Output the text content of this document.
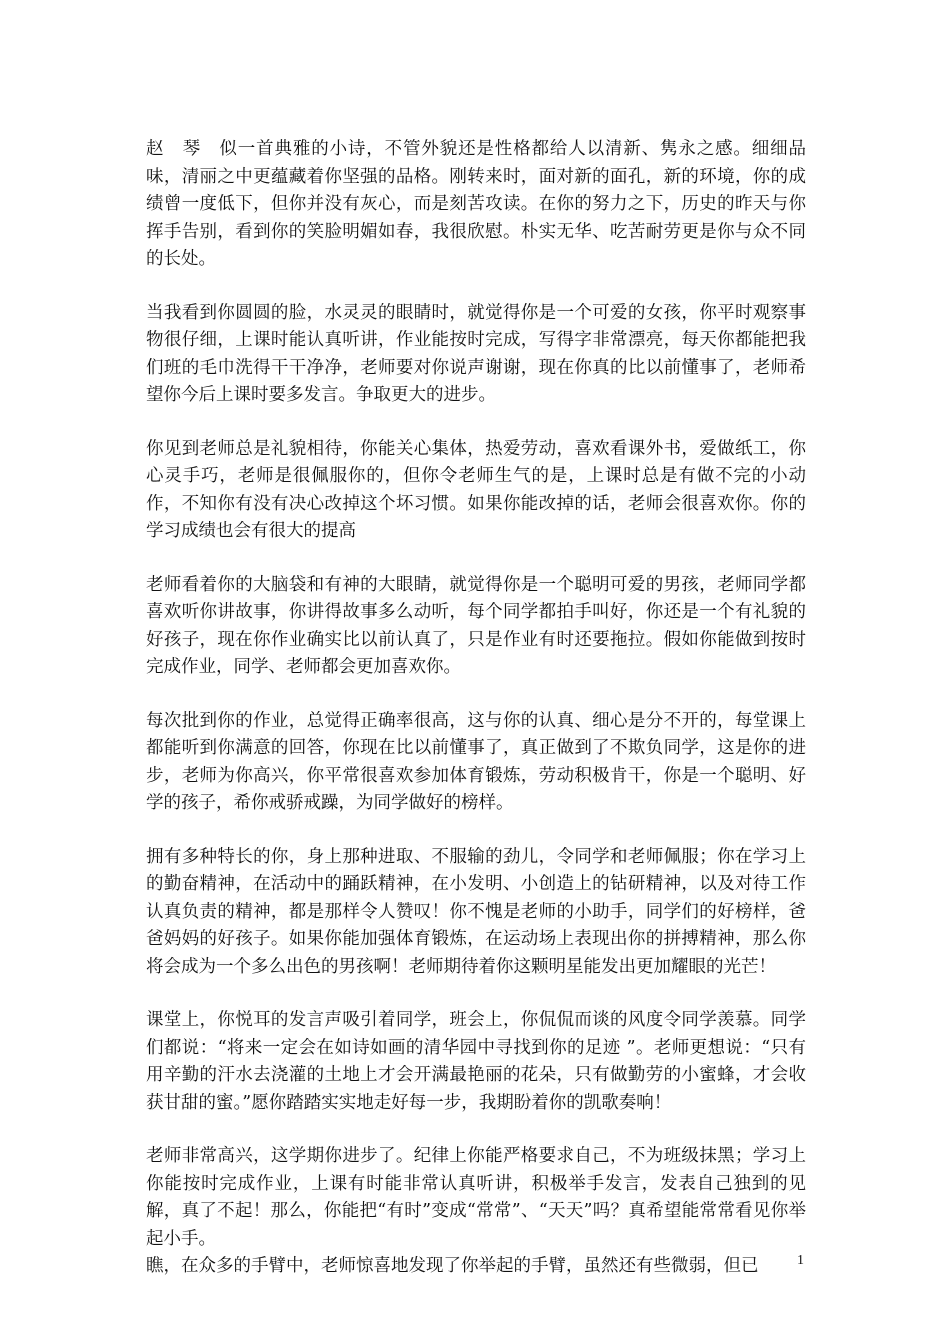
赵　琴　似一首典雅的小诗，不管外貌还是性格都给人以清新、隽永之感。细细品味，清丽之中更蕴藏着你坚强的品格。刚转来时，面对新的面孔，新的环境，你的成绩曾一度低下，但你并没有灰心，而是刻苦攻读。在你的努力之下，历史的昨天与你挥手告别，看到你的笑脸明媚如春，我很欣慰。朴实无华、吃苦耐劳更是你与众不同的长处。

当我看到你圆圆的脸，水灵灵的眼睛时，就觉得你是一个可爱的女孩，你平时观察事物很仔细，上课时能认真听讲，作业能按时完成，写得字非常漂亮，每天你都能把我们班的毛巾洗得干干净净，老师要对你说声谢谢，现在你真的比以前懂事了，老师希望你今后上课时要多发言。争取更大的进步。

你见到老师总是礼貌相待，你能关心集体，热爱劳动，喜欢看课外书，爱做纸工，你心灵手巧，老师是很佩服你的，但你令老师生气的是，上课时总是有做不完的小动作，不知你有没有决心改掉这个坏习惯。如果你能改掉的话，老师会很喜欢你。你的学习成绩也会有很大的提高

老师看着你的大脑袋和有神的大眼睛，就觉得你是一个聪明可爱的男孩，老师同学都喜欢听你讲故事，你讲得故事多么动听，每个同学都拍手叫好，你还是一个有礼貌的好孩子，现在你作业确实比以前认真了，只是作业有时还要拖拉。假如你能做到按时完成作业，同学、老师都会更加喜欢你。

每次批到你的作业，总觉得正确率很高，这与你的认真、细心是分不开的，每堂课上都能听到你满意的回答，你现在比以前懂事了，真正做到了不欺负同学，这是你的进步，老师为你高兴，你平常很喜欢参加体育锻炼，劳动积极肯干，你是一个聪明、好学的孩子，希你戒骄戒躁，为同学做好的榜样。

拥有多种特长的你，身上那种进取、不服输的劲儿，令同学和老师佩服；你在学习上的勤奋精神，在活动中的踊跃精神，在小发明、小创造上的钻研精神，以及对待工作认真负责的精神，都是那样令人赞叹！你不愧是老师的小助手，同学们的好榜样，爸爸妈妈的好孩子。如果你能加强体育锻炼，在运动场上表现出你的拼搏精神，那么你将会成为一个多么出色的男孩啊！老师期待着你这颗明星能发出更加耀眼的光芒！

课堂上，你悦耳的发言声吸引着同学，班会上，你侃侃而谈的风度令同学羡慕。同学们都说：“将来一定会在如诗如画的清华园中寻找到你的足迹 ”。老师更想说：“只有用辛勤的汗水去浇灌的土地上才会开满最艳丽的花朵，只有做勤劳的小蜜蜂，才会收获甘甜的蜜。”愿你踏踏实实地走好每一步，我期盼着你的凯歌奏响！

老师非常高兴，这学期你进步了。纪律上你能严格要求自己，不为班级抹黑；学习上你能按时完成作业，上课有时能非常认真听讲，积极举手发言，发表自己独到的见解，真了不起！那么，你能把“有时”变成“常常”、“天天”吗？真希望能常常看见你举起小手。

瞧，在众多的手臂中，老师惊喜地发现了你举起的手臂，虽然还有些微弱，但已	1
